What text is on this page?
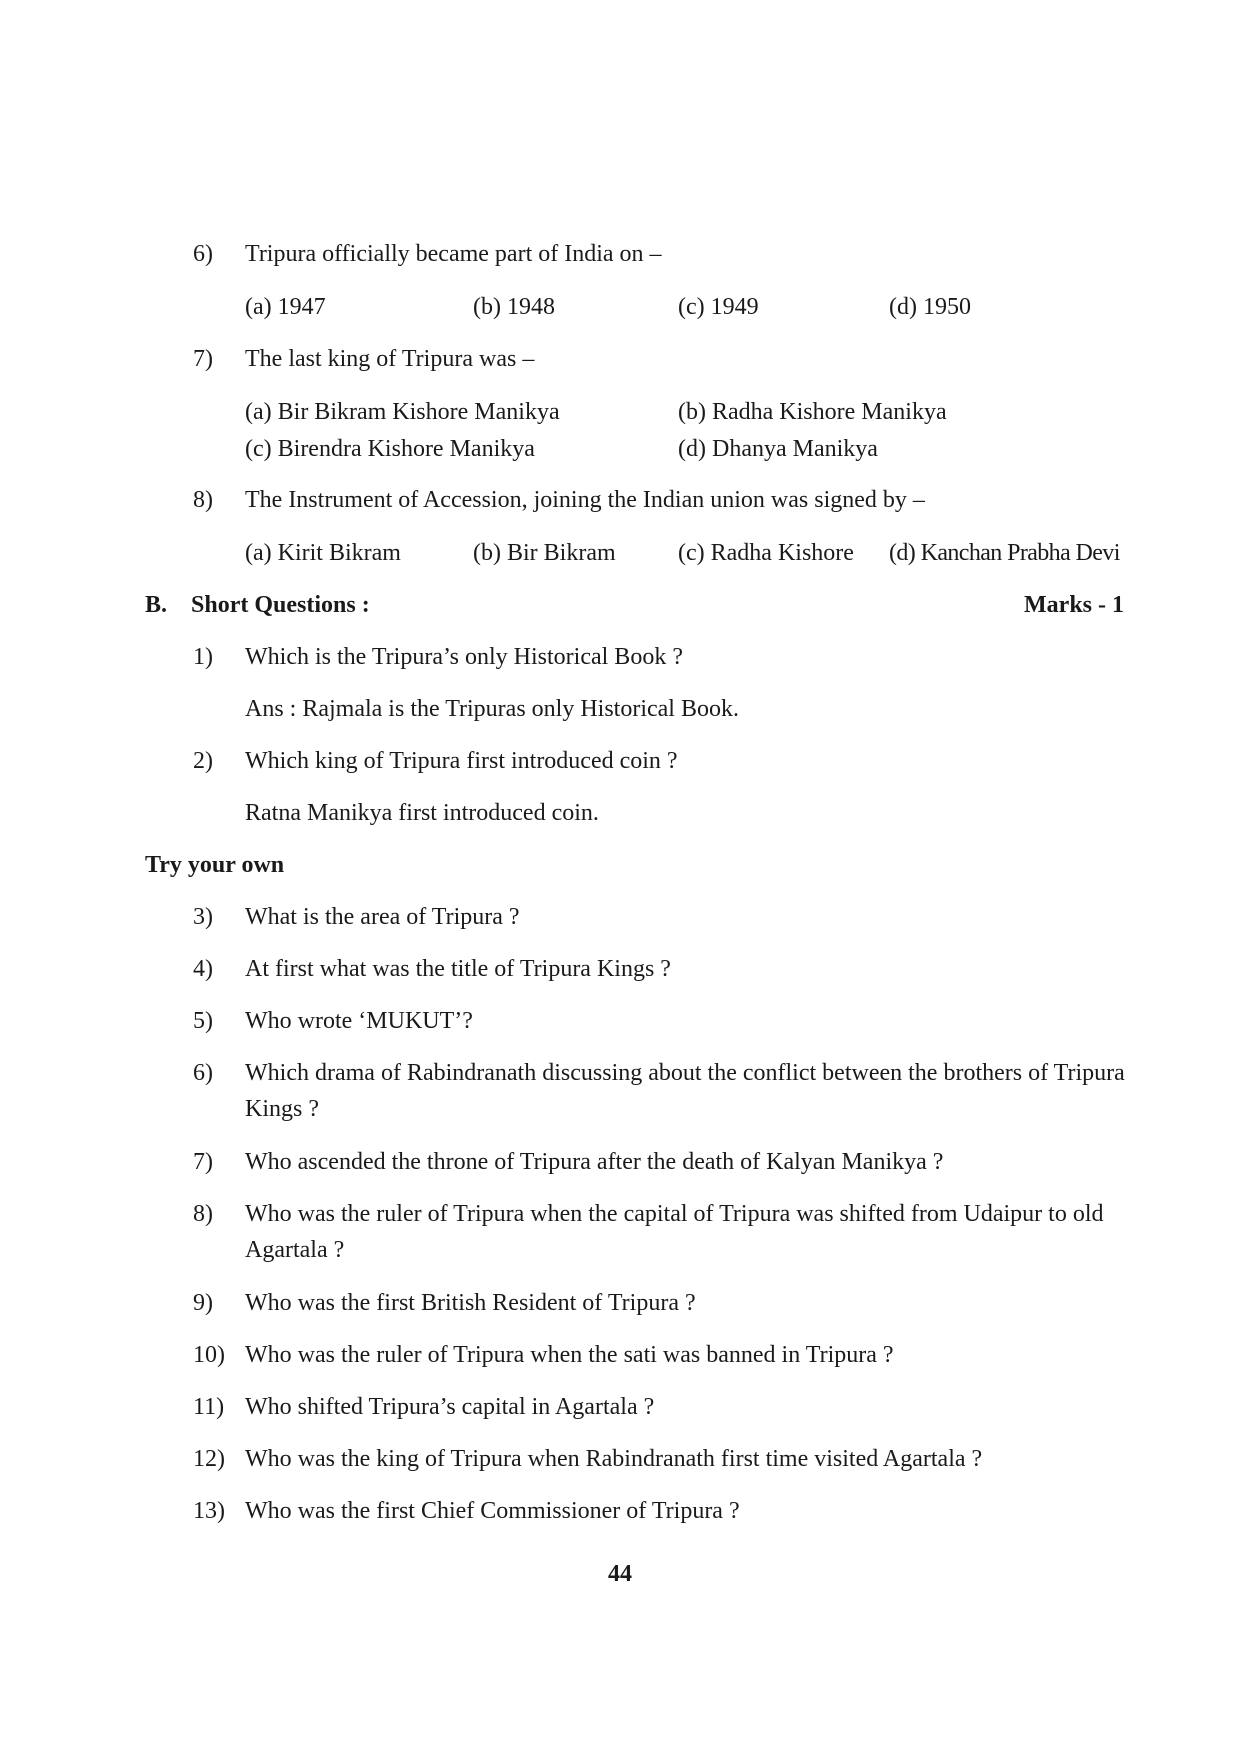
6)	Tripura officially became part of India on –
(a) 1947	(b) 1948	(c) 1949	(d) 1950
7)	The last king of Tripura was –
(a) Bir Bikram Kishore Manikya	(b) Radha Kishore Manikya
(c) Birendra Kishore Manikya	(d) Dhanya Manikya
8)	The Instrument of Accession, joining the Indian union was signed by –
(a) Kirit Bikram	(b) Bir Bikram	(c) Radha Kishore (d) Kanchan Prabha Devi
B. Short Questions :	Marks - 1
1)	Which is the Tripura’s only Historical Book ?
Ans : Rajmala is the Tripuras only Historical Book.
2)	Which king of Tripura first introduced coin ?
Ratna Manikya first introduced coin.
Try your own
3)	What is the area of Tripura ?
4)	At first what was the title of Tripura Kings ?
5)	Who wrote ‘MUKUT’?
6)	Which drama of Rabindranath discussing about the conflict between the brothers of Tripura Kings ?
7)	Who ascended the throne of Tripura after the death of Kalyan Manikya ?
8)	Who was the ruler of Tripura when the capital of Tripura was shifted from Udaipur to old Agartala ?
9)	Who was the first British Resident of Tripura ?
10) Who was the ruler of Tripura when the sati was banned in Tripura ?
11) Who shifted Tripura’s capital in Agartala ?
12) Who was the king of Tripura when Rabindranath first time visited Agartala ?
13) Who was the first Chief Commissioner of Tripura ?
44
